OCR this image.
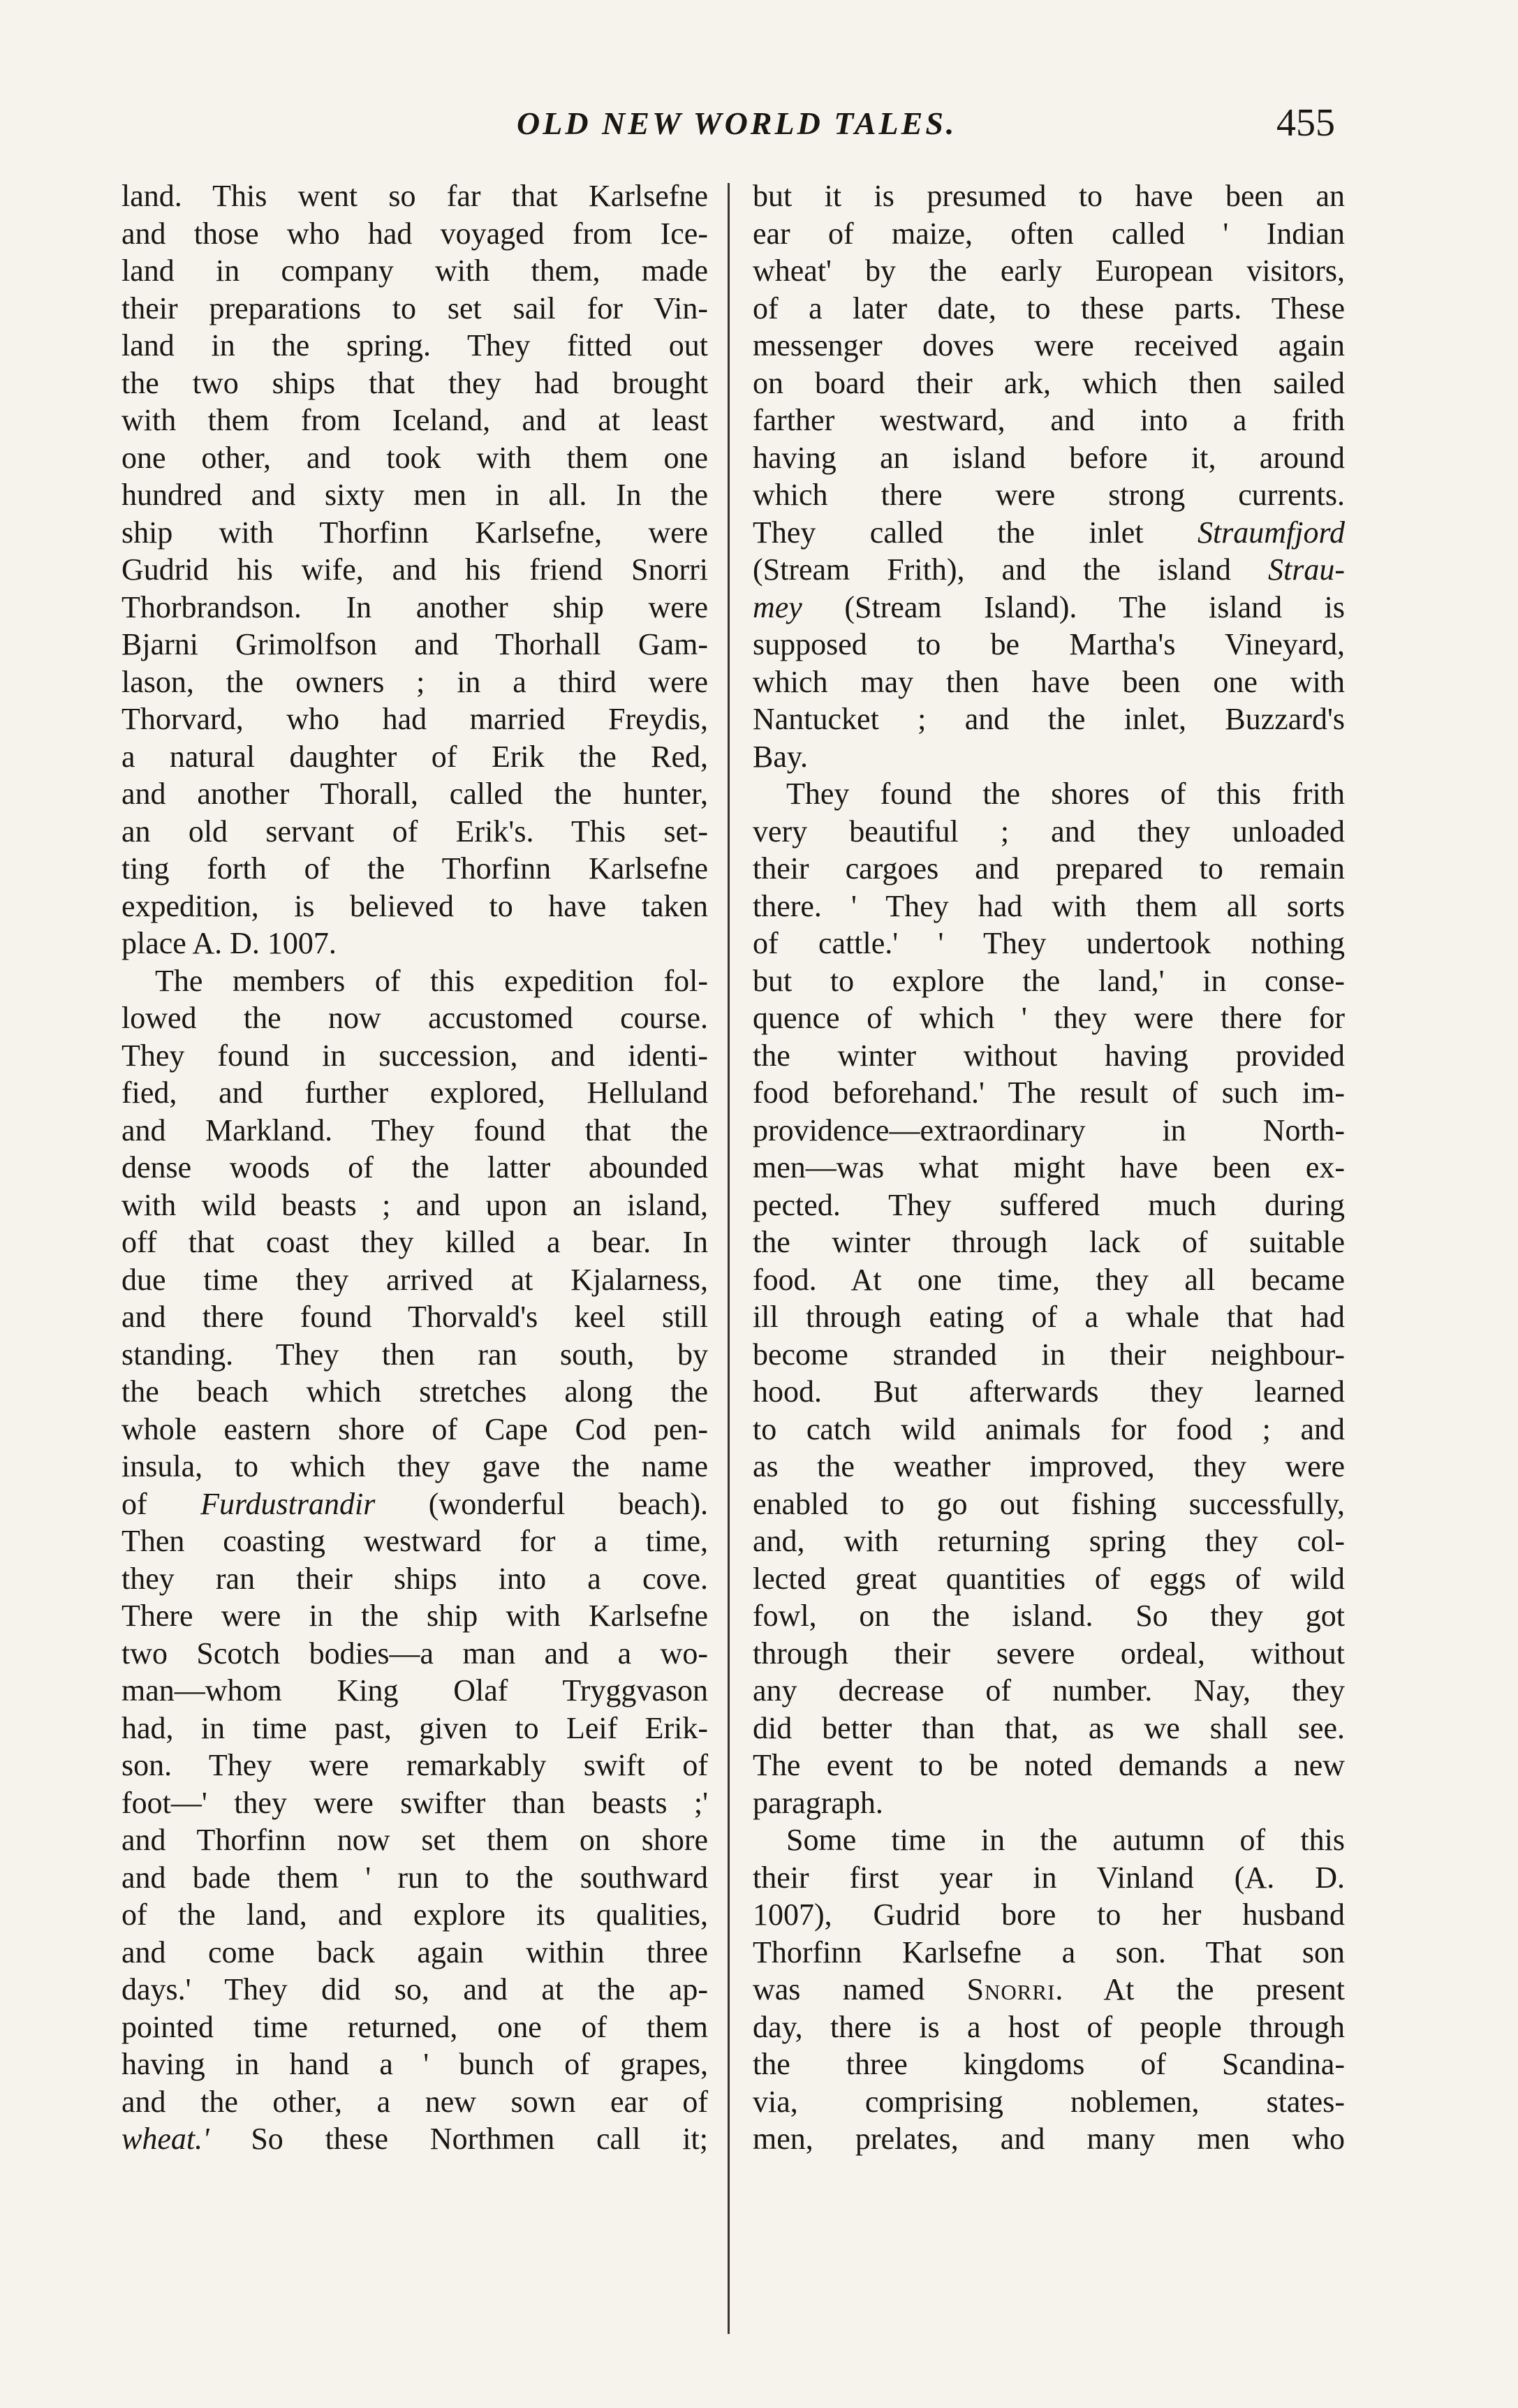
OLD NEW WORLD TALES.	455
land. This went so far that Karlsefne
and those who had voyaged from Ice-
land in company with them, made
their preparations to set sail for Vin-
land in the spring. They fitted out
the two ships that they had brought
with them from Iceland, and at least
one other, and took with them one
hundred and sixty men in all. In the
ship with Thorfinn Karlsefne, were
Gudrid his wife, and his friend Snorri
Thorbrandson. In another ship were
Bjarni Grimolfson and Thorhall Gam-
lason, the owners ; in a third were
Thorvard, who had married Freydis,
a natural daughter of Erik the Red,
and another Thorall, called the hunter,
an old servant of Erik's. This set-
ting forth of the Thorfinn Karlsefne
expedition, is believed to have taken
place A. D. 1007.
The members of this expedition fol-
lowed the now accustomed course.
They found in succession, and identi-
fied, and further explored, Helluland
and Markland. They found that the
dense woods of the latter abounded
with wild beasts ; and upon an island,
off that coast they killed a bear. In
due time they arrived at Kjalarness,
and there found Thorvald's keel still
standing. They then ran south, by
the beach which stretches along the
whole eastern shore of Cape Cod pen-
insula, to which they gave the name
of Furdustrandir (wonderful beach).
Then coasting westward for a time,
they ran their ships into a cove.
There were in the ship with Karlsefne
two Scotch bodies—a man and a wo-
man—whom King Olaf Tryggvason
had, in time past, given to Leif Erik-
son. They were remarkably swift of
foot—' they were swifter than beasts ;'
and Thorfinn now set them on shore
and bade them ' run to the southward
of the land, and explore its qualities,
and come back again within three
days.' They did so, and at the ap-
pointed time returned, one of them
having in hand a ' bunch of grapes,
and the other, a new sown ear of
wheat.' So these Northmen call it;
but it is presumed to have been an
ear of maize, often called ' Indian
wheat' by the early European visitors,
of a later date, to these parts. These
messenger doves were received again
on board their ark, which then sailed
farther westward, and into a frith
having an island before it, around
which there were strong currents.
They called the inlet Straumfjord
(Stream Frith), and the island Strau-
mey (Stream Island). The island is
supposed to be Martha's Vineyard,
which may then have been one with
Nantucket ; and the inlet, Buzzard's
Bay.
They found the shores of this frith
very beautiful ; and they unloaded
their cargoes and prepared to remain
there. ' They had with them all sorts
of cattle.' ' They undertook nothing
but to explore the land,' in conse-
quence of which ' they were there for
the winter without having provided
food beforehand.' The result of such im-
providence—extraordinary in North-
men—was what might have been ex-
pected. They suffered much during
the winter through lack of suitable
food. At one time, they all became
ill through eating of a whale that had
become stranded in their neighbour-
hood. But afterwards they learned
to catch wild animals for food ; and
as the weather improved, they were
enabled to go out fishing successfully,
and, with returning spring they col-
lected great quantities of eggs of wild
fowl, on the island. So they got
through their severe ordeal, without
any decrease of number. Nay, they
did better than that, as we shall see.
The event to be noted demands a new
paragraph.
Some time in the autumn of this
their first year in Vinland (A. D.
1007), Gudrid bore to her husband
Thorfinn Karlsefne a son. That son
was named Snorri. At the present
day, there is a host of people through
the three kingdoms of Scandina-
via, comprising noblemen, states-
men, prelates, and many men who
